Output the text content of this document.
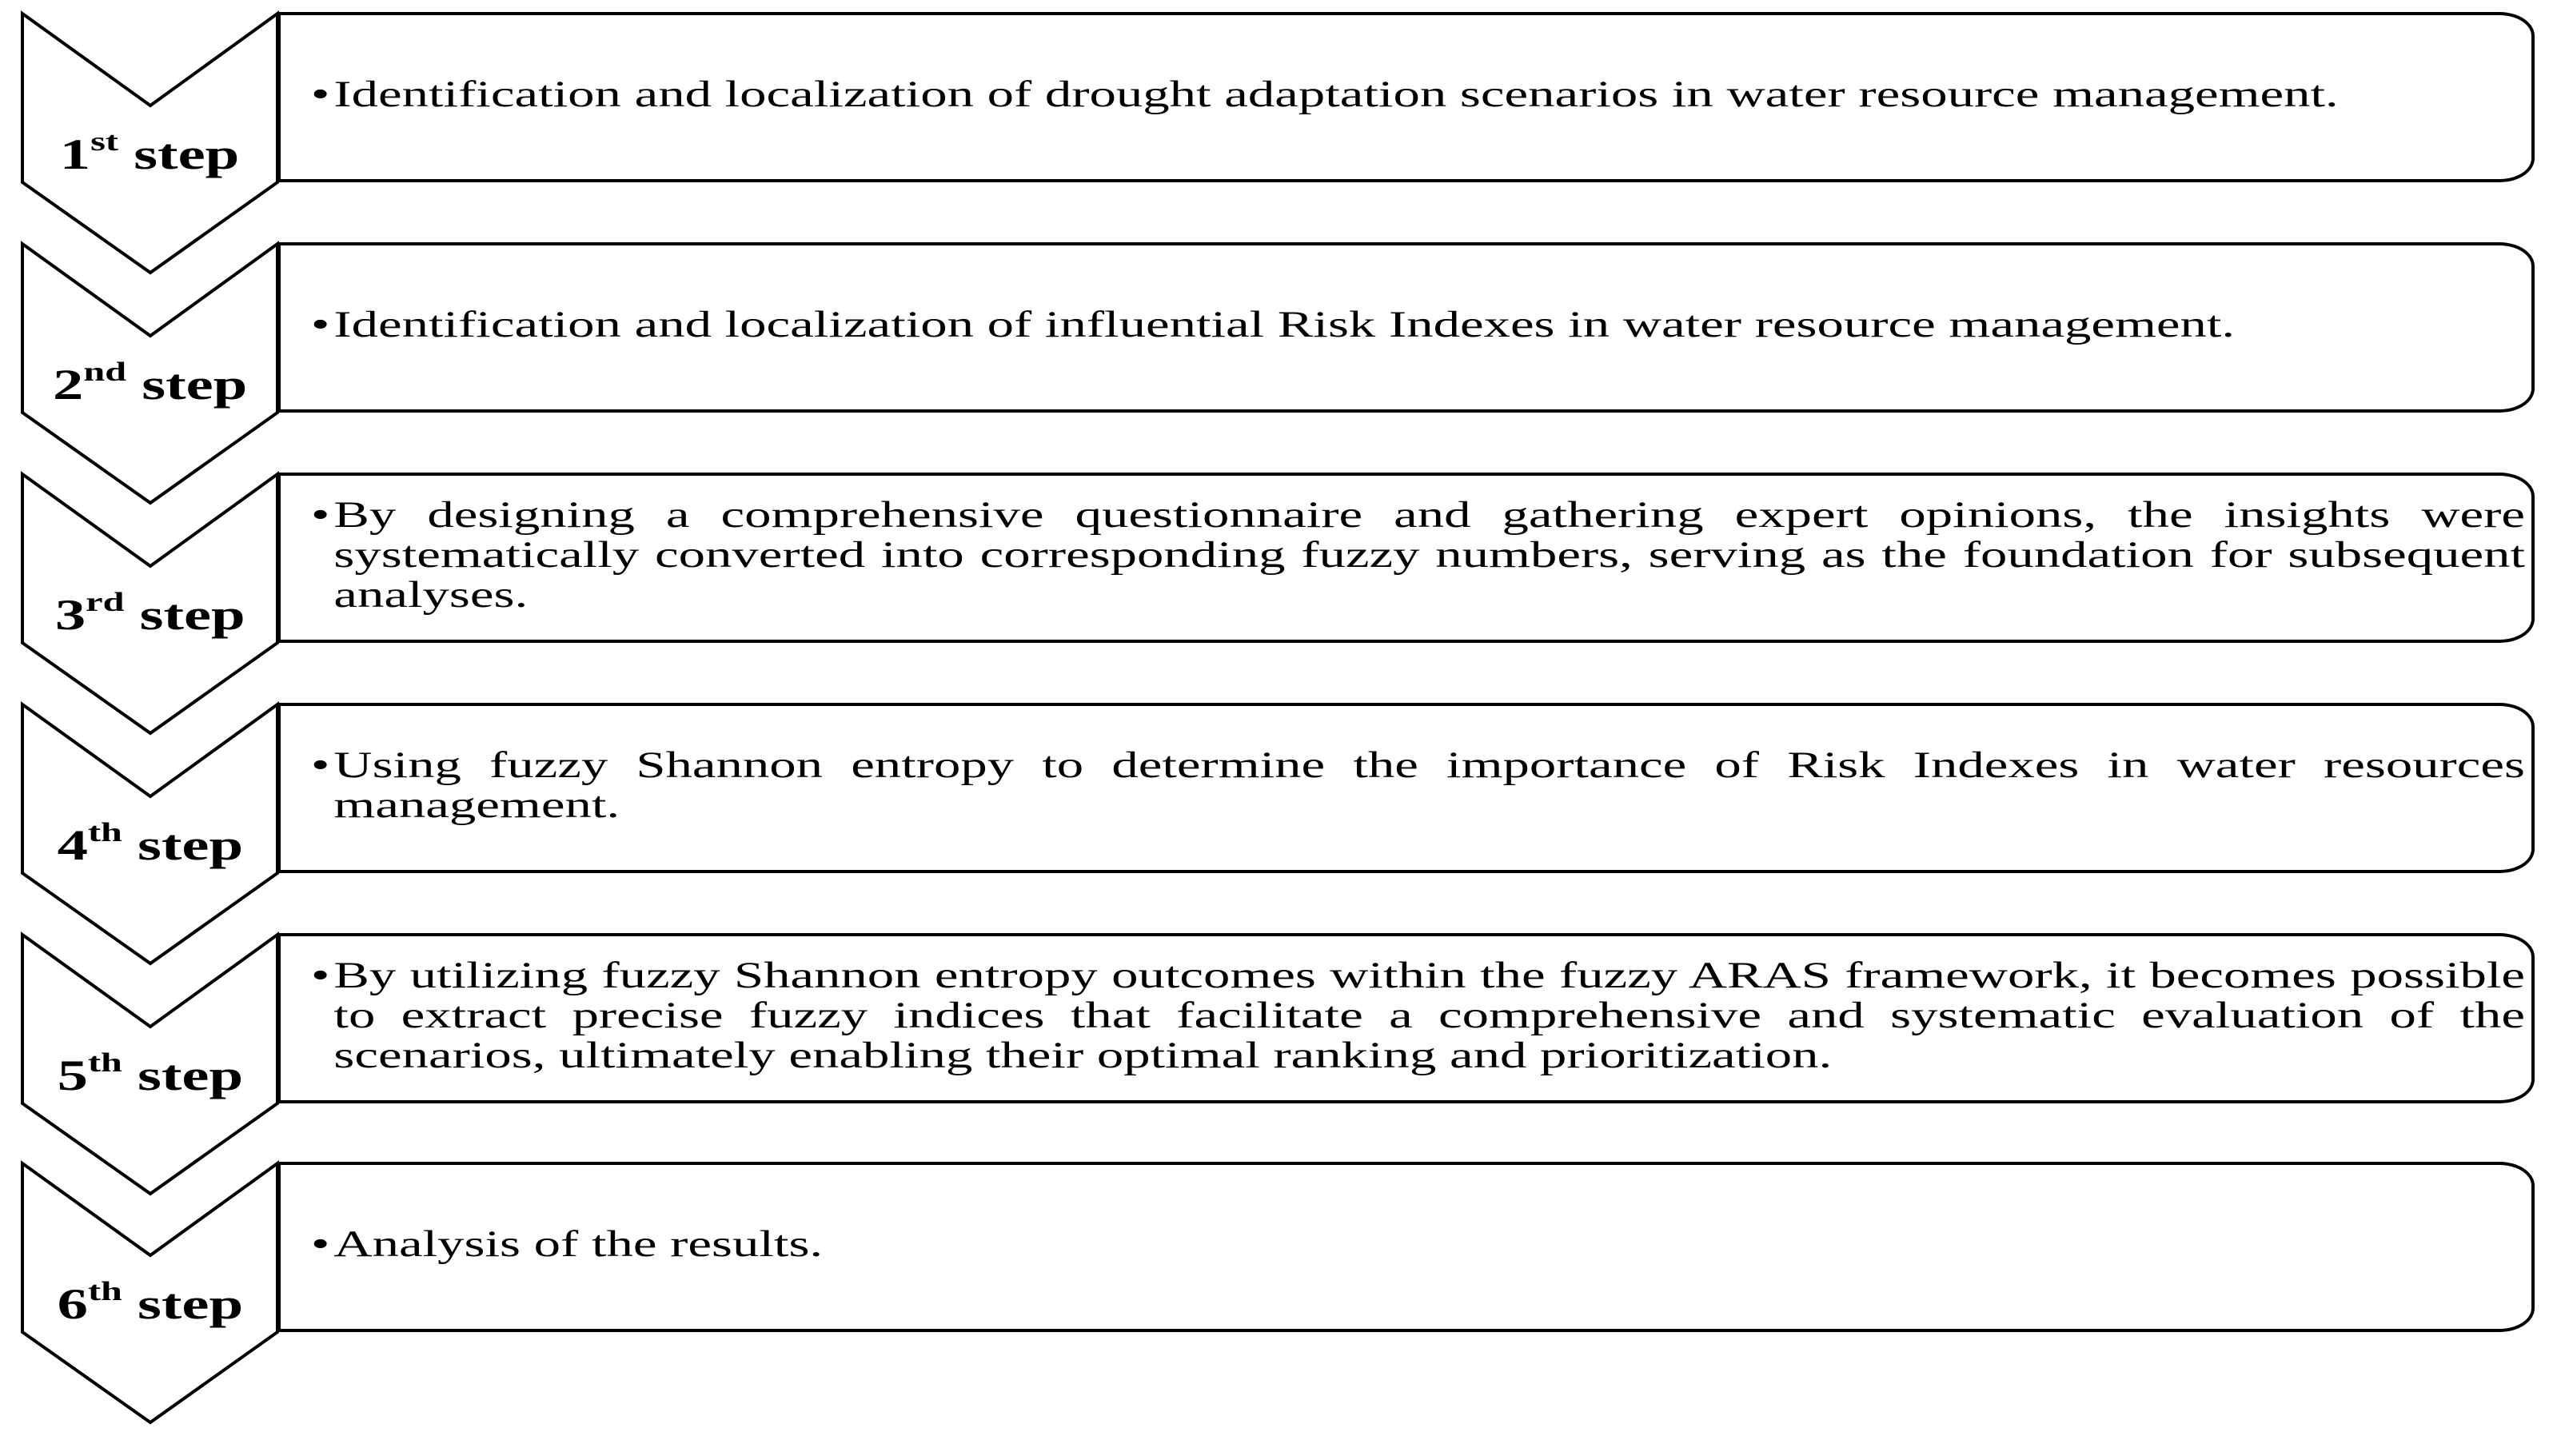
1st step
• Identification and localization of drought adaptation scenarios in water resource management.
2nd step
• Identification and localization of influential Risk Indexes in water resource management.
3rd step
• By designing a comprehensive questionnaire and gathering expert opinions, the insights were systematically converted into corresponding fuzzy numbers, serving as the foundation for subsequent analyses.
4th step
• Using fuzzy Shannon entropy to determine the importance of Risk Indexes in water resources management.
5th step
• By utilizing fuzzy Shannon entropy outcomes within the fuzzy ARAS framework, it becomes possible to extract precise fuzzy indices that facilitate a comprehensive and systematic evaluation of the scenarios, ultimately enabling their optimal ranking and prioritization.
6th step
• Analysis of the results.
